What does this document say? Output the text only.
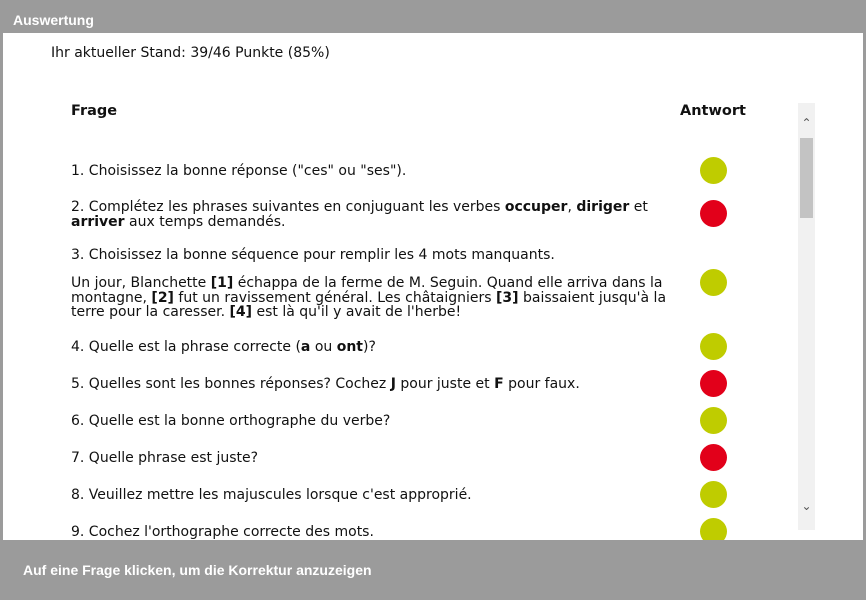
Auswertung
Ihr aktueller Stand: 39/46 Punkte (85%)
Frage	Antwort

1. Choisissez la bonne réponse ("ces" ou "ses").

2. Complétez les phrases suivantes en conjuguant les verbes occuper, diriger et arriver aux temps demandés.

3. Choisissez la bonne séquence pour remplir les 4 mots manquants.

Un jour, Blanchette [1] échappa de la ferme de M. Seguin. Quand elle arriva dans la montagne, [2] fut un ravissement général. Les châtaigniers [3] baissaient jusqu'à la terre pour la caresser. [4] est là qu'il y avait de l'herbe!

4. Quelle est la phrase correcte (a ou ont)?

5. Quelles sont les bonnes réponses? Cochez J pour juste et F pour faux.

6. Quelle est la bonne orthographe du verbe?

7. Quelle phrase est juste?

8. Veuillez mettre les majuscules lorsque c'est approprié.

9. Cochez l'orthographe correcte des mots.

⌃
⌄
Auf eine Frage klicken, um die Korrektur anzuzeigen
